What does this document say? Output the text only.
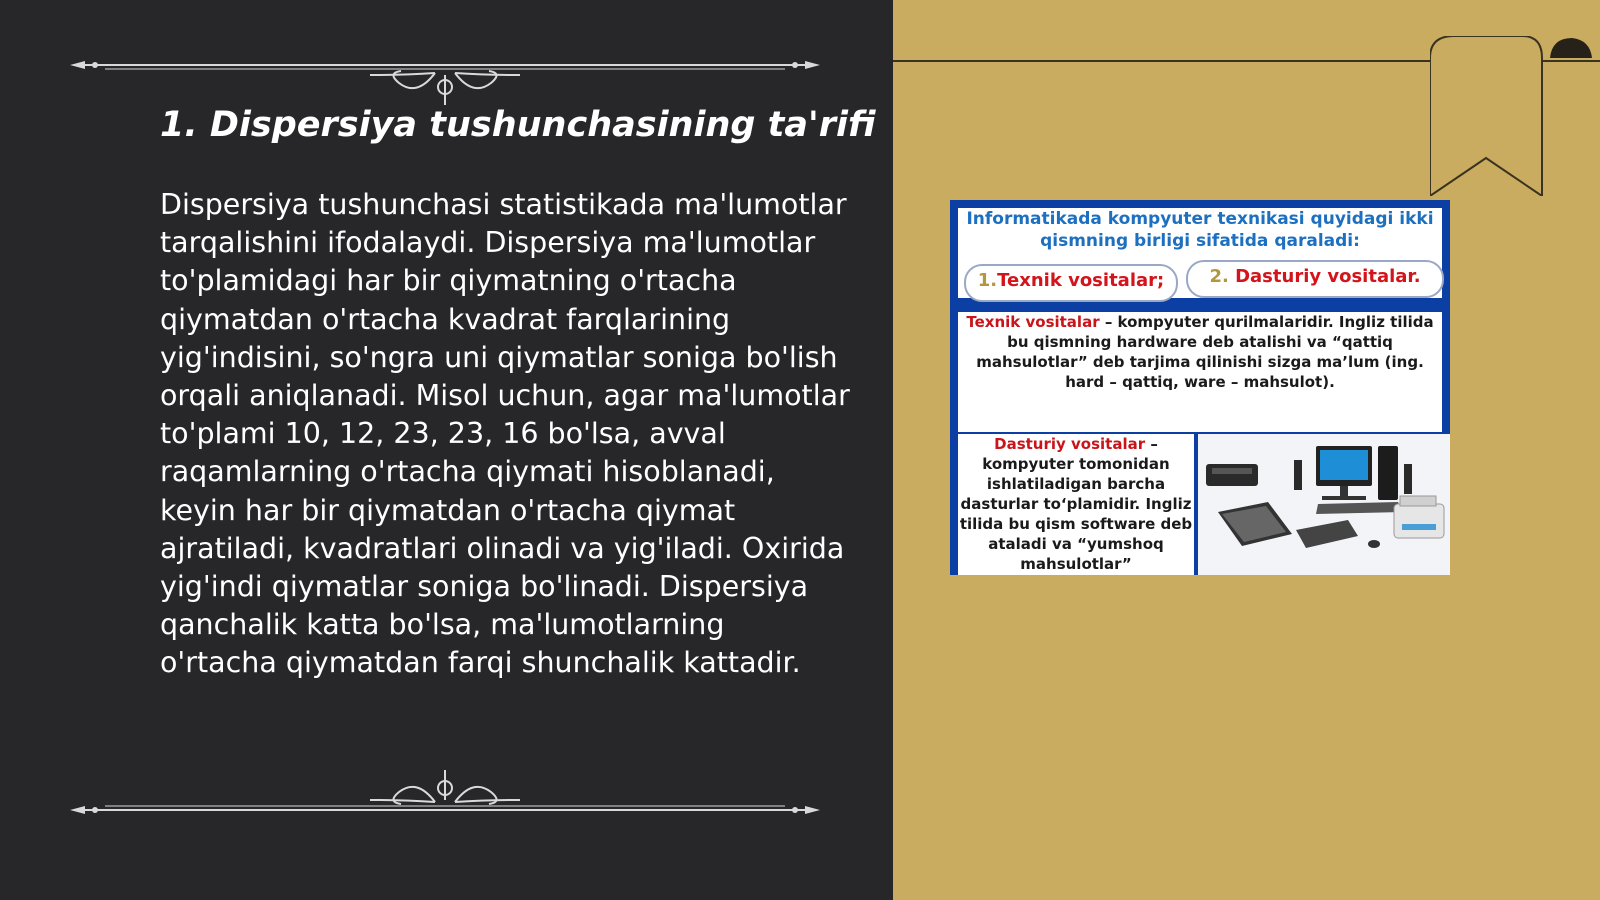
1. Dispersiya tushunchasining ta'rifi

Dispersiya tushunchasi statistikada ma'lumotlar tarqalishini ifodalaydi. Dispersiya ma'lumotlar to'plamidagi har bir qiymatning o'rtacha qiymatdan o'rtacha kvadrat farqlarining yig'indisini, so'ngra uni qiymatlar soniga bo'lish orqali aniqlanadi. Misol uchun, agar ma'lumotlar to'plami 10, 12, 23, 23, 16 bo'lsa, avval raqamlarning o'rtacha qiymati hisoblanadi, keyin har bir qiymatdan o'rtacha qiymat ajratiladi, kvadratlari olinadi va yig'iladi. Oxirida yig'indi qiymatlar soniga bo'linadi. Dispersiya qanchalik katta bo'lsa, ma'lumotlarning o'rtacha qiymatdan farqi shunchalik kattadir.

Informatikada kompyuter texnikasi quyidagi ikki qismning birligi sifatida qaraladi:
1.Texnik vositalar;	2. Dasturiy vositalar.
Texnik vositalar – kompyuter qurilmalaridir. Ingliz tilida bu qismning hardware deb atalishi va “qattiq mahsulotlar” deb tarjima qilinishi sizga ma’lum (ing. hard – qattiq, ware – mahsulot).
Dasturiy vositalar – kompyuter tomonidan ishlatiladigan barcha dasturlar to‘plamidir. Ingliz tilida bu qism software deb ataladi va “yumshoq mahsulotlar”
